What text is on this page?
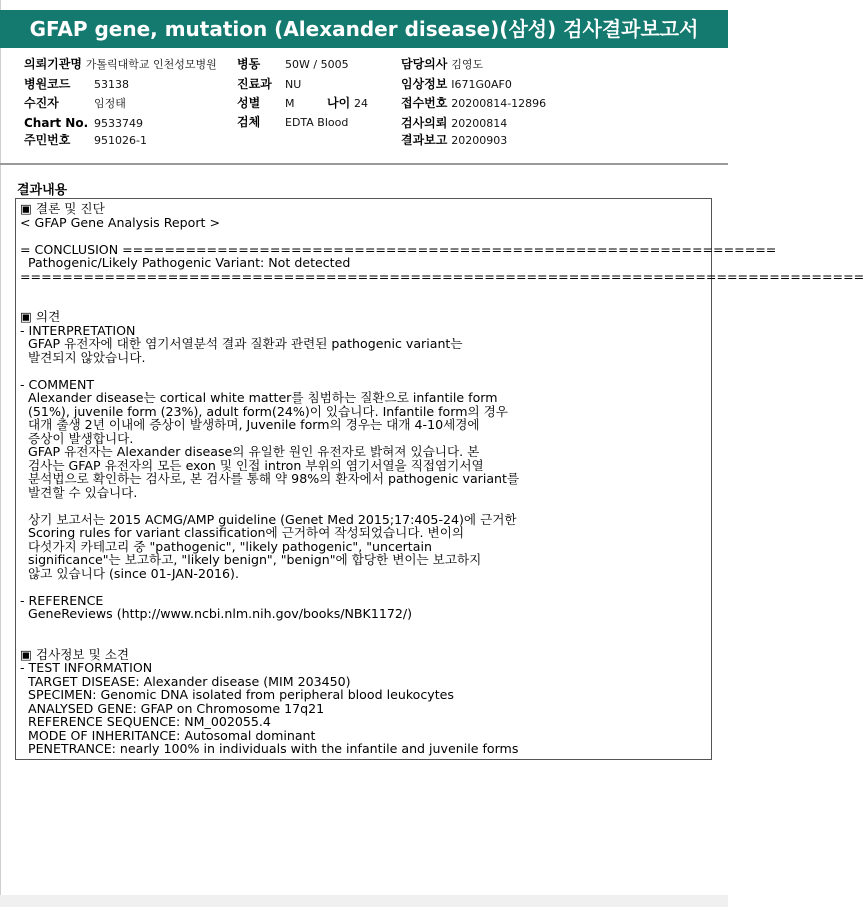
GFAP gene, mutation (Alexander disease)(삼성) 검사결과보고서
의뢰기관명 가톨릭대학교 인천성모병원 병동 50W / 5005	담당의사 김영도
병원코드 53138	진료과 NU	임상정보 I671G0AF0
수진자	임정태	성별 M	나이 24	접수번호 20200814-12896
Chart No. 9533749	검체 EDTA Blood	검사의뢰 20200814
주민번호 951026-1	결과보고 20200903
결과내용
▣ 결론 및 진단
< GFAP Gene Analysis Report >

= CONCLUSION ==============================================================
Pathogenic/Likely Pathogenic Variant: Not detected
================================================================================

▣ 의견
- INTERPRETATION
GFAP 유전자에 대한 염기서열분석 결과 질환과 관련된 pathogenic variant는
발견되지 않았습니다.

- COMMENT
Alexander disease는 cortical white matter를 침범하는 질환으로 infantile form
(51%), juvenile form (23%), adult form(24%)이 있습니다. Infantile form의 경우
대개 출생 2년 이내에 증상이 발생하며, Juvenile form의 경우는 대개 4-10세경에
증상이 발생합니다.
GFAP 유전자는 Alexander disease의 유일한 원인 유전자로 밝혀져 있습니다. 본
검사는 GFAP 유전자의 모든 exon 및 인접 intron 부위의 염기서열을 직접염기서열
분석법으로 확인하는 검사로, 본 검사를 통해 약 98%의 환자에서 pathogenic variant를
발견할 수 있습니다.

상기 보고서는 2015 ACMG/AMP guideline (Genet Med 2015;17:405-24)에 근거한
Scoring rules for variant classification에 근거하여 작성되었습니다. 변이의
다섯가지 카테고리 중 "pathogenic", "likely pathogenic", "uncertain
significance"는 보고하고, "likely benign", "benign"에 합당한 변이는 보고하지
않고 있습니다 (since 01-JAN-2016).

- REFERENCE
GeneReviews (http://www.ncbi.nlm.nih.gov/books/NBK1172/)

▣ 검사정보 및 소견
- TEST INFORMATION
TARGET DISEASE: Alexander disease (MIM 203450)
SPECIMEN: Genomic DNA isolated from peripheral blood leukocytes
ANALYSED GENE: GFAP on Chromosome 17q21
REFERENCE SEQUENCE: NM_002055.4
MODE OF INHERITANCE: Autosomal dominant
PENETRANCE: nearly 100% in individuals with the infantile and juvenile forms
